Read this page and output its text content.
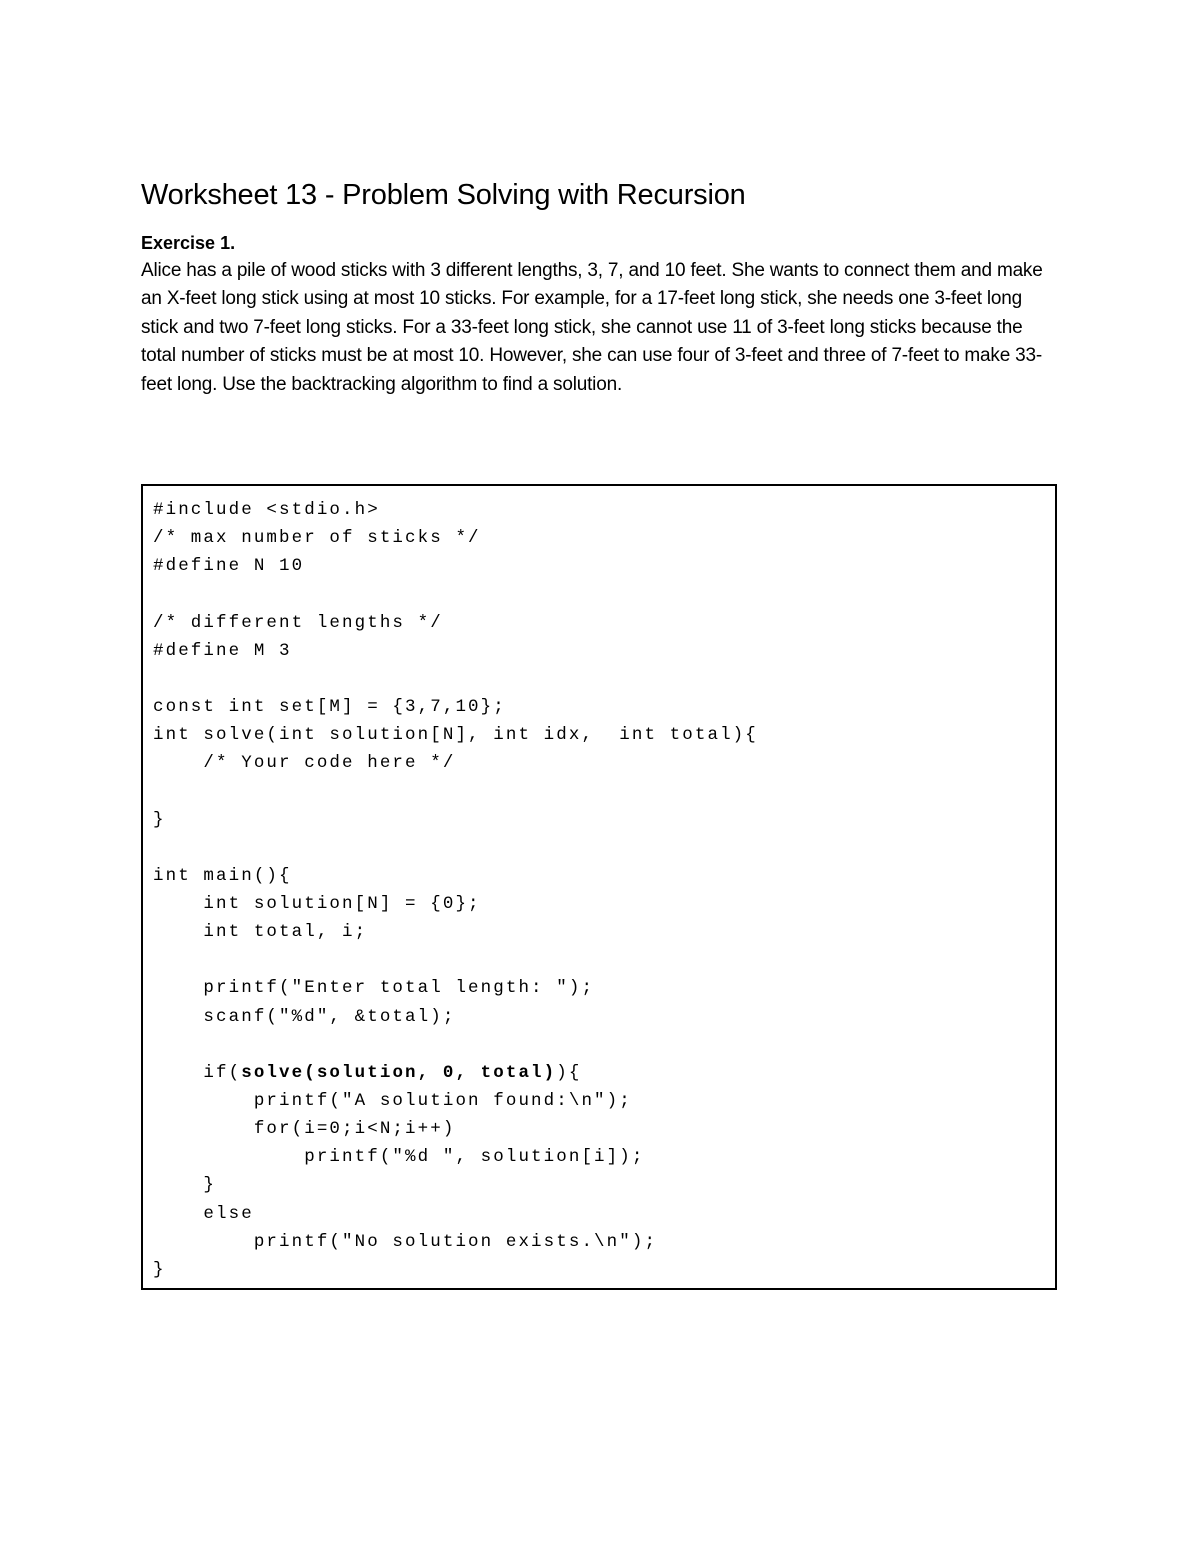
Worksheet 13 - Problem Solving with Recursion

Exercise 1.

Alice has a pile of wood sticks with 3 different lengths, 3, 7, and 10 feet. She wants to connect them and make an X-feet long stick using at most 10 sticks. For example, for a 17-feet long stick, she needs one 3-feet long stick and two 7-feet long sticks. For a 33-feet long stick, she cannot use 11 of 3-feet long sticks because the total number of sticks must be at most 10. However, she can use four of 3-feet and three of 7-feet to make 33-feet long. Use the backtracking algorithm to find a solution.

#include <stdio.h>
/* max number of sticks */
#define N 10
/* different lengths */
#define M 3
const int set[M] = {3,7,10};
int solve(int solution[N], int idx,  int total){
/* Your code here */
}
int main(){
int solution[N] = {0};
int total, i;
printf("Enter total length: ");
scanf("%d", &total);
if(solve(solution, 0, total)){
printf("A solution found:\n");
for(i=0;i<N;i++)
printf("%d ", solution[i]);
}
else
printf("No solution exists.\n");
}
